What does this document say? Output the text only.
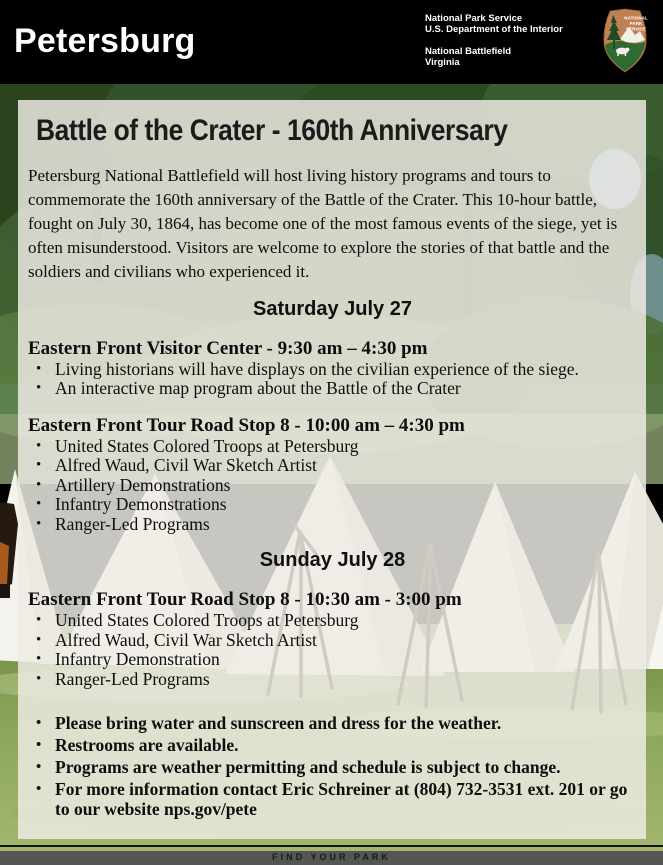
Petersburg
National Park Service
U.S. Department of the Interior
National Battlefield
Virginia
NATIONAL
PARK
SERVICE
Battle of the Crater - 160th Anniversary

Petersburg National Battlefield will host living history programs and tours to commemorate the 160th anniversary of the Battle of the Crater. This 10-hour battle, fought on July 30, 1864, has become one of the most famous events of the siege, yet is often misunderstood. Visitors are welcome to explore the stories of that battle and the soldiers and civilians who experienced it.

Saturday July 27
Eastern Front Visitor Center - 9:30 am – 4:30 pm
• Living historians will have displays on the civilian experience of the siege.
• An interactive map program about the Battle of the Crater
Eastern Front Tour Road Stop 8 - 10:00 am – 4:30 pm
• United States Colored Troops at Petersburg
• Alfred Waud, Civil War Sketch Artist
• Artillery Demonstrations
• Infantry Demonstrations
• Ranger-Led Programs
Sunday July 28
Eastern Front Tour Road Stop 8 - 10:30 am - 3:00 pm
• United States Colored Troops at Petersburg
• Alfred Waud, Civil War Sketch Artist
• Infantry Demonstration
• Ranger-Led Programs
• Please bring water and sunscreen and dress for the weather.
• Restrooms are available.
• Programs are weather permitting and schedule is subject to change.
• For more information contact Eric Schreiner at (804) 732-3531 ext. 201 or go to our website nps.gov/pete
FIND YOUR PARK
